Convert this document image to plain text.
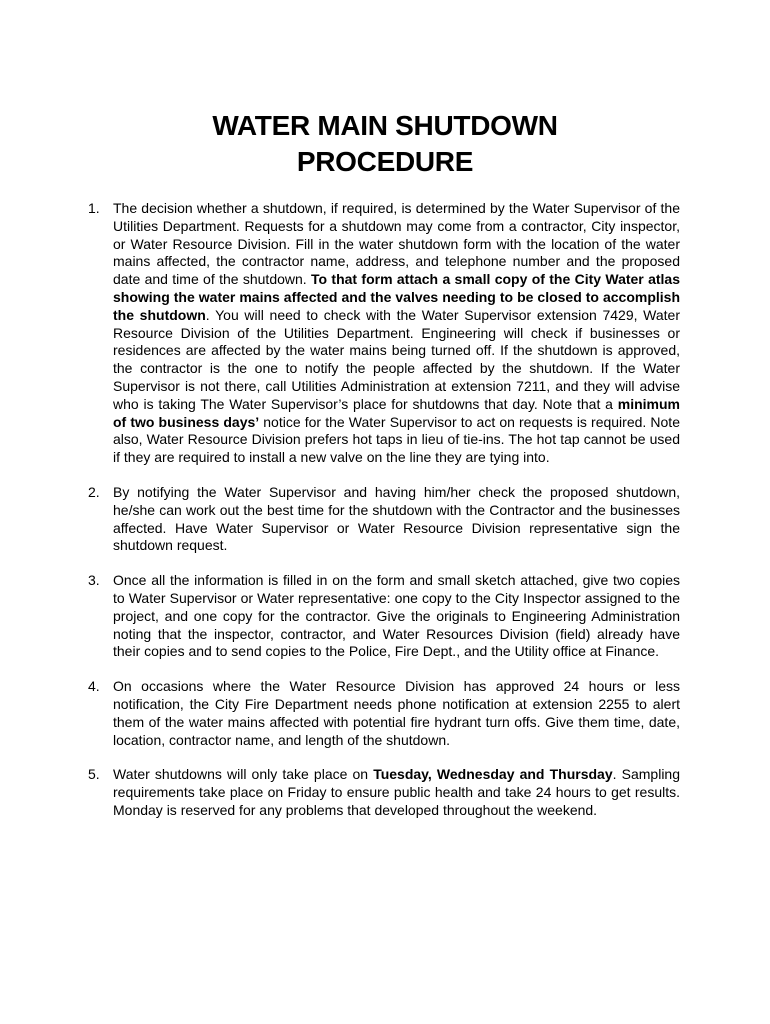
WATER MAIN SHUTDOWN
PROCEDURE
1. The decision whether a shutdown, if required, is determined by the Water Supervisor of the Utilities Department. Requests for a shutdown may come from a contractor, City inspector, or Water Resource Division. Fill in the water shutdown form with the location of the water mains affected, the contractor name, address, and telephone number and the proposed date and time of the shutdown. To that form attach a small copy of the City Water atlas showing the water mains affected and the valves needing to be closed to accomplish the shutdown. You will need to check with the Water Supervisor extension 7429, Water Resource Division of the Utilities Department. Engineering will check if businesses or residences are affected by the water mains being turned off. If the shutdown is approved, the contractor is the one to notify the people affected by the shutdown. If the Water Supervisor is not there, call Utilities Administration at extension 7211, and they will advise who is taking The Water Supervisor’s place for shutdowns that day. Note that a minimum of two business days’ notice for the Water Supervisor to act on requests is required. Note also, Water Resource Division prefers hot taps in lieu of tie-ins. The hot tap cannot be used if they are required to install a new valve on the line they are tying into.
2. By notifying the Water Supervisor and having him/her check the proposed shutdown, he/she can work out the best time for the shutdown with the Contractor and the businesses affected. Have Water Supervisor or Water Resource Division representative sign the shutdown request.
3. Once all the information is filled in on the form and small sketch attached, give two copies to Water Supervisor or Water representative: one copy to the City Inspector assigned to the project, and one copy for the contractor. Give the originals to Engineering Administration noting that the inspector, contractor, and Water Resources Division (field) already have their copies and to send copies to the Police, Fire Dept., and the Utility office at Finance.
4. On occasions where the Water Resource Division has approved 24 hours or less notification, the City Fire Department needs phone notification at extension 2255 to alert them of the water mains affected with potential fire hydrant turn offs. Give them time, date, location, contractor name, and length of the shutdown.
5. Water shutdowns will only take place on Tuesday, Wednesday and Thursday. Sampling requirements take place on Friday to ensure public health and take 24 hours to get results. Monday is reserved for any problems that developed throughout the weekend.
